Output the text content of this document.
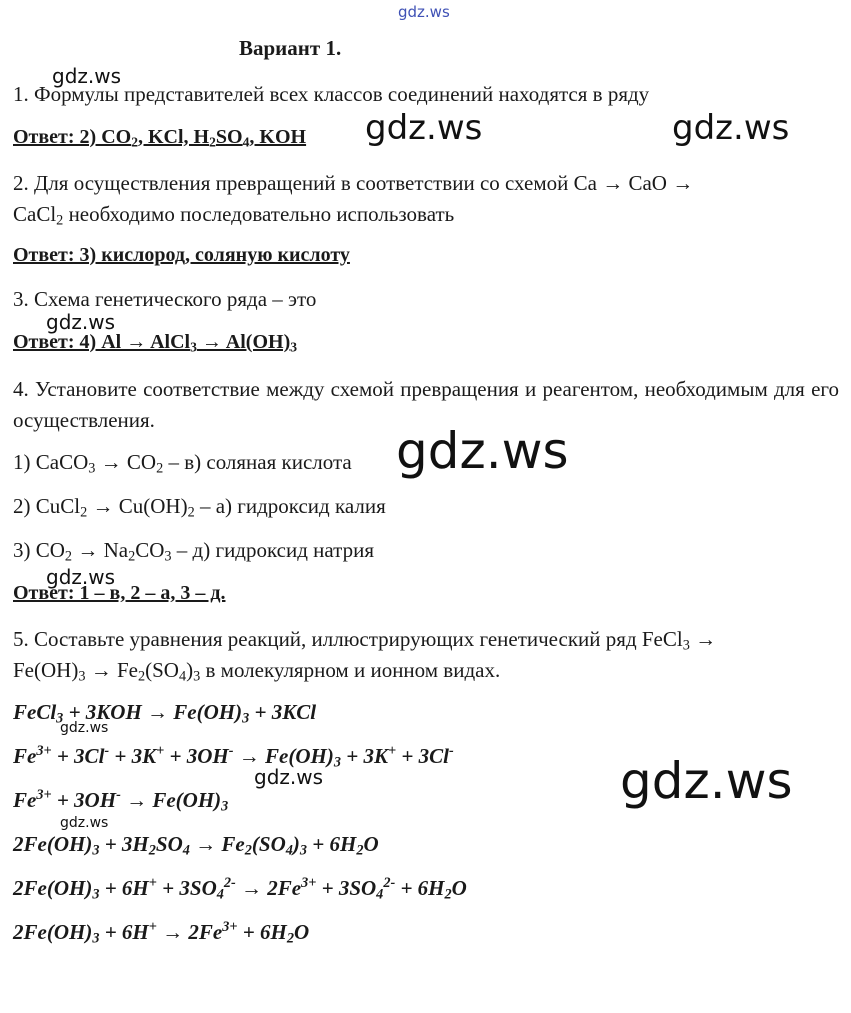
gdz.ws
gdz.ws
gdz.ws	gdz.ws
gdz.ws
gdz.ws
gdz.ws
gdz.ws
gdz.ws	gdz.ws
gdz.ws
Вариант 1.
1. Формулы представителей всех классов соединений находятся в ряду
Ответ: 2) $CO_2$, KCl, $H_2SO_4$, KOH
2. Для осуществления превращений в соответствии со схемой Ca → CaO →
CaCl$_2$ необходимо последовательно использовать
Ответ: 3) кислород, соляную кислоту
3. Схема генетического ряда – это
Ответ: 4) Al → AlCl$_3$ → $Al(OH)_3$
4. Установите соответствие между схемой превращения и реагентом, необходимым для его осуществления.
1) CaCO$_3$ → $CO_2 - в$) соляная кислота
2) CuCl$_2$ → $Cu(OH)_2 - а$) гидроксид калия
3) $CO_2 \to Na_2CO_3 - д$) гидроксид натрия
Ответ: 1 – в, 2 – а, 3 – д.
5. Составьте уравнения реакций, иллюстрирующих генетический ряд FeCl$_3$ →
$Fe(OH)_3 \to Fe_2(SO_4)_3$ в молекулярном и ионном видах.
FeCl$_3$ + $3KOH \to Fe(OH)_3 + 3KCl$
$Fe^{3+} + 3Cl^- + 3K^+ + 3OH^- \to Fe(OH)_3 + 3K^+ + 3Cl^-$
$Fe^{3+} + 3OH^- \to Fe(OH)_3$
$2Fe(OH)_3 + 3H_2SO_4 \to Fe_2(SO_4)_3 + 6H_2O$
$2Fe(OH)_3 + 6H^+ + 3SO_4^{2-} \to 2Fe^{3+} + 3SO_4^{2-} + 6H_2O$
$2Fe(OH)_3 + 6H^+ \to 2Fe^{3+} + 6H_2O$
